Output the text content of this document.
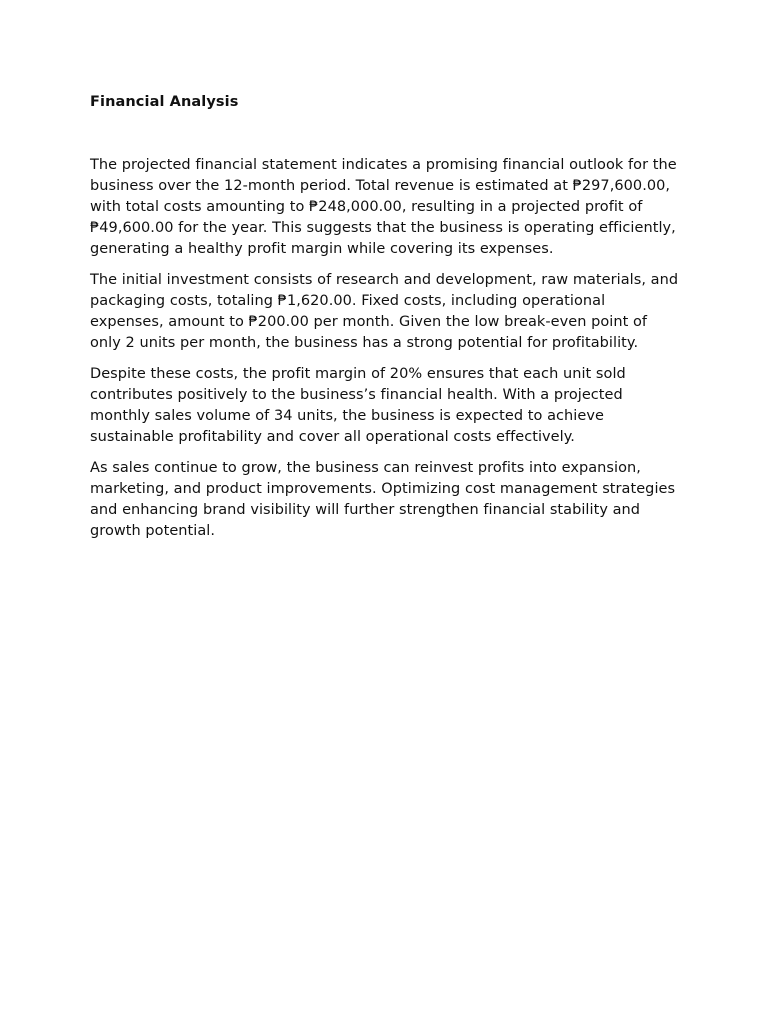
Financial Analysis

The projected financial statement indicates a promising financial outlook for the business over the 12-month period. Total revenue is estimated at ₱297,600.00, with total costs amounting to ₱248,000.00, resulting in a projected profit of ₱49,600.00 for the year. This suggests that the business is operating efficiently, generating a healthy profit margin while covering its expenses.

The initial investment consists of research and development, raw materials, and packaging costs, totaling ₱1,620.00. Fixed costs, including operational expenses, amount to ₱200.00 per month. Given the low break-even point of only 2 units per month, the business has a strong potential for profitability.

Despite these costs, the profit margin of 20% ensures that each unit sold contributes positively to the business’s financial health. With a projected monthly sales volume of 34 units, the business is expected to achieve sustainable profitability and cover all operational costs effectively.

As sales continue to grow, the business can reinvest profits into expansion, marketing, and product improvements. Optimizing cost management strategies and enhancing brand visibility will further strengthen financial stability and growth potential.
